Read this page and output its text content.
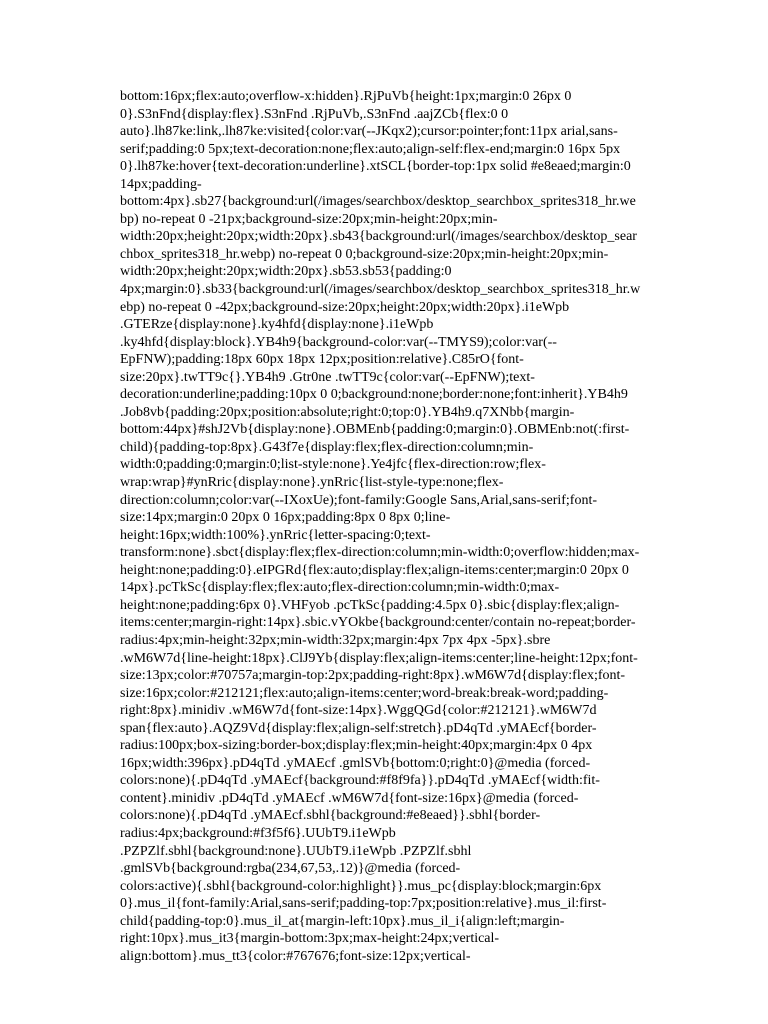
bottom:16px;flex:auto;overflow-x:hidden}.RjPuVb{height:1px;margin:0 26px 0
0}.S3nFnd{display:flex}.S3nFnd .RjPuVb,.S3nFnd .aajZCb{flex:0 0
auto}.lh87ke:link,.lh87ke:visited{color:var(--JKqx2);cursor:pointer;font:11px arial,sans-
serif;padding:0 5px;text-decoration:none;flex:auto;align-self:flex-end;margin:0 16px 5px
0}.lh87ke:hover{text-decoration:underline}.xtSCL{border-top:1px solid #e8eaed;margin:0
14px;padding-
bottom:4px}.sb27{background:url(/images/searchbox/desktop_searchbox_sprites318_hr.we
bp) no-repeat 0 -21px;background-size:20px;min-height:20px;min-
width:20px;height:20px;width:20px}.sb43{background:url(/images/searchbox/desktop_sear
chbox_sprites318_hr.webp) no-repeat 0 0;background-size:20px;min-height:20px;min-
width:20px;height:20px;width:20px}.sb53.sb53{padding:0
4px;margin:0}.sb33{background:url(/images/searchbox/desktop_searchbox_sprites318_hr.w
ebp) no-repeat 0 -42px;background-size:20px;height:20px;width:20px}.i1eWpb
.GTERze{display:none}.ky4hfd{display:none}.i1eWpb
.ky4hfd{display:block}.YB4h9{background-color:var(--TMYS9);color:var(--
EpFNW);padding:18px 60px 18px 12px;position:relative}.C85rO{font-
size:20px}.twTT9c{}.YB4h9 .Gtr0ne .twTT9c{color:var(--EpFNW);text-
decoration:underline;padding:10px 0 0;background:none;border:none;font:inherit}.YB4h9
.Job8vb{padding:20px;position:absolute;right:0;top:0}.YB4h9.q7XNbb{margin-
bottom:44px}#shJ2Vb{display:none}.OBMEnb{padding:0;margin:0}.OBMEnb:not(:first-
child){padding-top:8px}.G43f7e{display:flex;flex-direction:column;min-
width:0;padding:0;margin:0;list-style:none}.Ye4jfc{flex-direction:row;flex-
wrap:wrap}#ynRric{display:none}.ynRric{list-style-type:none;flex-
direction:column;color:var(--IXoxUe);font-family:Google Sans,Arial,sans-serif;font-
size:14px;margin:0 20px 0 16px;padding:8px 0 8px 0;line-
height:16px;width:100%}.ynRric{letter-spacing:0;text-
transform:none}.sbct{display:flex;flex-direction:column;min-width:0;overflow:hidden;max-
height:none;padding:0}.eIPGRd{flex:auto;display:flex;align-items:center;margin:0 20px 0
14px}.pcTkSc{display:flex;flex:auto;flex-direction:column;min-width:0;max-
height:none;padding:6px 0}.VHFyob .pcTkSc{padding:4.5px 0}.sbic{display:flex;align-
items:center;margin-right:14px}.sbic.vYOkbe{background:center/contain no-repeat;border-
radius:4px;min-height:32px;min-width:32px;margin:4px 7px 4px -5px}.sbre
.wM6W7d{line-height:18px}.ClJ9Yb{display:flex;align-items:center;line-height:12px;font-
size:13px;color:#70757a;margin-top:2px;padding-right:8px}.wM6W7d{display:flex;font-
size:16px;color:#212121;flex:auto;align-items:center;word-break:break-word;padding-
right:8px}.minidiv .wM6W7d{font-size:14px}.WggQGd{color:#212121}.wM6W7d
span{flex:auto}.AQZ9Vd{display:flex;align-self:stretch}.pD4qTd .yMAEcf{border-
radius:100px;box-sizing:border-box;display:flex;min-height:40px;margin:4px 0 4px
16px;width:396px}.pD4qTd .yMAEcf .gmlSVb{bottom:0;right:0}@media (forced-
colors:none){.pD4qTd .yMAEcf{background:#f8f9fa}}.pD4qTd .yMAEcf{width:fit-
content}.minidiv .pD4qTd .yMAEcf .wM6W7d{font-size:16px}@media (forced-
colors:none){.pD4qTd .yMAEcf.sbhl{background:#e8eaed}}.sbhl{border-
radius:4px;background:#f3f5f6}.UUbT9.i1eWpb
.PZPZlf.sbhl{background:none}.UUbT9.i1eWpb .PZPZlf.sbhl
.gmlSVb{background:rgba(234,67,53,.12)}@media (forced-
colors:active){.sbhl{background-color:highlight}}.mus_pc{display:block;margin:6px
0}.mus_il{font-family:Arial,sans-serif;padding-top:7px;position:relative}.mus_il:first-
child{padding-top:0}.mus_il_at{margin-left:10px}.mus_il_i{align:left;margin-
right:10px}.mus_it3{margin-bottom:3px;max-height:24px;vertical-
align:bottom}.mus_tt3{color:#767676;font-size:12px;vertical-
